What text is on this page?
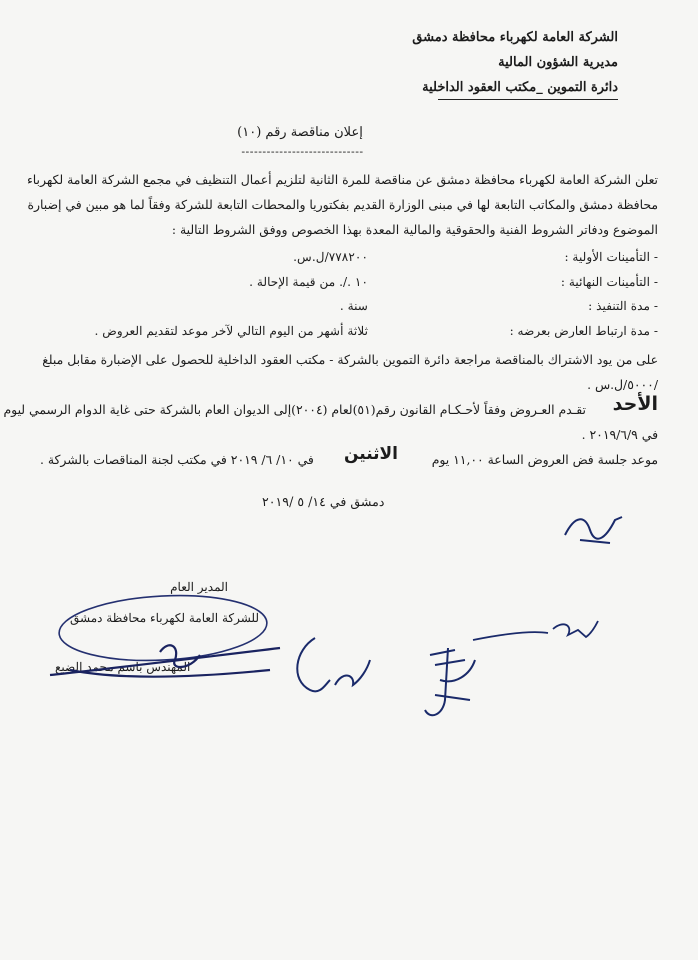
الشركة العامة لكهرباء محافظة دمشق
مديرية الشؤون المالية
دائرة التموين _مكتب العقود الداخلية
إعلان مناقصة رقم (١٠)
-----------------------------
تعلن الشركة العامة لكهرباء محافظة دمشق عن مناقصة للمرة الثانية لتلزيم أعمال التنظيف في مجمع الشركة العامة لكهرباء
محافظة دمشق والمكاتب التابعة لها في مبنى الوزارة القديم بفكتوريا والمحطات التابعة للشركة وفقاً لما هو مبين في إضبارة
الموضوع ودفاتر الشروط الفنية والحقوقية والمالية المعدة بهذا الخصوص ووفق الشروط التالية :
- التأمينات الأولية :
٧٧٨٢٠٠/ل.س.
- التأمينات النهائية :
١٠ ./. من قيمة الإحالة .
- مدة التنفيذ :
سنة .
- مدة ارتباط العارض بعرضه :
ثلاثة أشهر من اليوم التالي لآخر موعد لتقديم العروض .
على من يود الاشتراك بالمناقصة مراجعة دائرة التموين بالشركة - مكتب العقود الداخلية للحصول على الإضبارة مقابل مبلغ
/٥٠٠٠/ل.س .
تقـدم العـروض وفقاً لأحـكـام القانون رقم(٥١)لعام (٢٠٠٤)إلى الديوان العام بالشركة حتى غاية الدوام الرسمي ليوم الأحد
في ٢٠١٩/٦/٩ .
موعد جلسة فض العروض الساعة ١١,٠٠ يوم
الاثنين
في ١٠/ ٦/ ٢٠١٩ في مكتب لجنة المناقصات بالشركة .
دمشق في ١٤/ ٥ /٢٠١٩
المدير العام
للشركة العامة لكهرباء محافظة دمشق
المهندس باسم محمد الضبع
